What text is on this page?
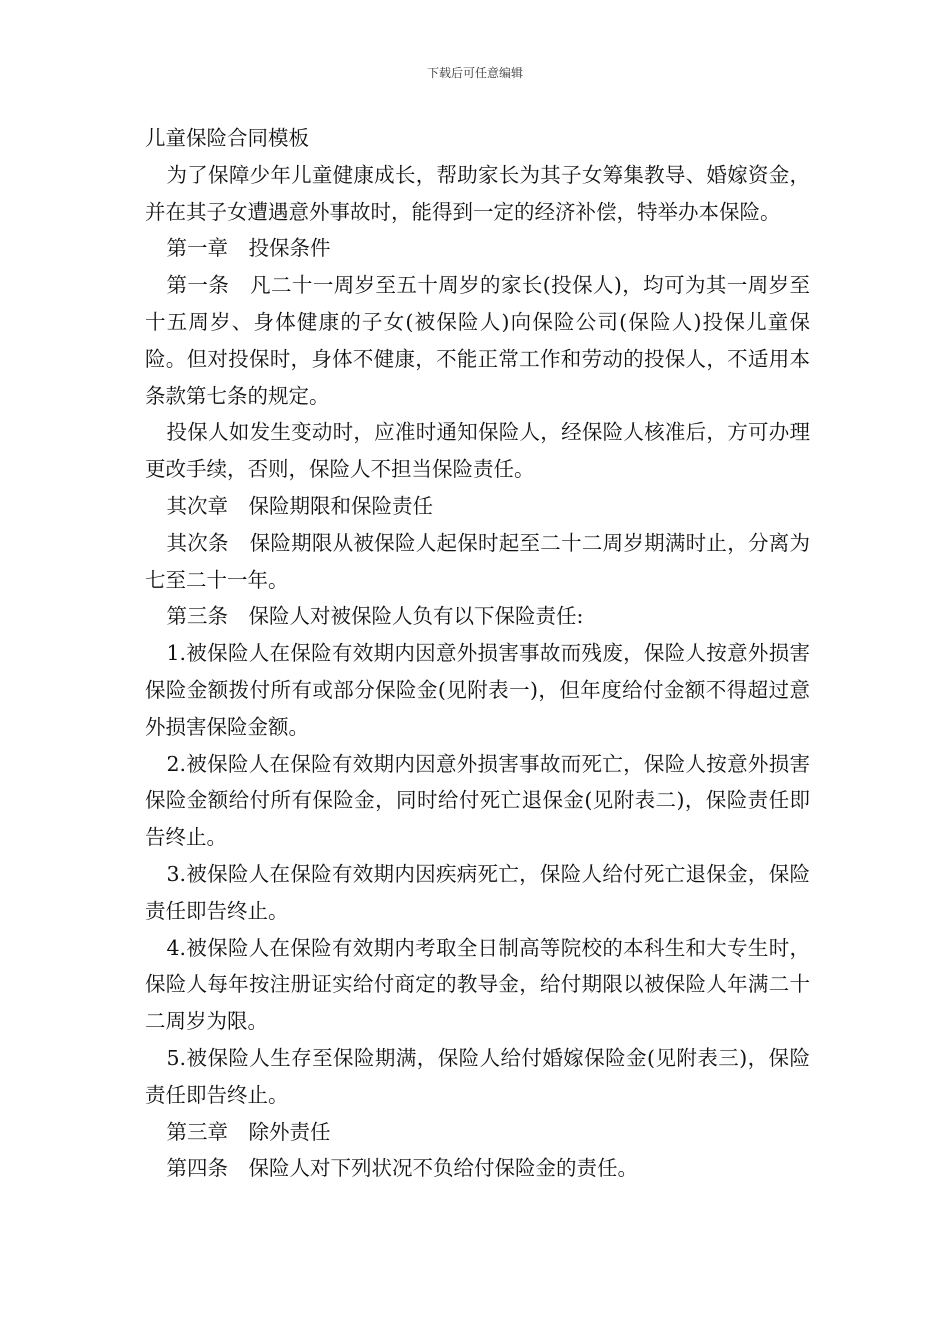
下载后可任意编辑

儿童保险合同模板

为了保障少年儿童健康成长，帮助家长为其子女筹集教导、婚嫁资金，并在其子女遭遇意外事故时，能得到一定的经济补偿，特举办本保险。

第一章　投保条件

第一条　凡二十一周岁至五十周岁的家长(投保人)，均可为其一周岁至十五周岁、身体健康的子女(被保险人)向保险公司(保险人)投保儿童保险。但对投保时，身体不健康，不能正常工作和劳动的投保人，不适用本条款第七条的规定。

投保人如发生变动时，应准时通知保险人，经保险人核准后，方可办理更改手续，否则，保险人不担当保险责任。

其次章　保险期限和保险责任

其次条　保险期限从被保险人起保时起至二十二周岁期满时止，分离为七至二十一年。

第三条　保险人对被保险人负有以下保险责任:

1.被保险人在保险有效期内因意外损害事故而残废，保险人按意外损害保险金额拨付所有或部分保险金(见附表一)，但年度给付金额不得超过意外损害保险金额。

2.被保险人在保险有效期内因意外损害事故而死亡，保险人按意外损害保险金额给付所有保险金，同时给付死亡退保金(见附表二)，保险责任即告终止。

3.被保险人在保险有效期内因疾病死亡，保险人给付死亡退保金，保险责任即告终止。

4.被保险人在保险有效期内考取全日制高等院校的本科生和大专生时，保险人每年按注册证实给付商定的教导金，给付期限以被保险人年满二十二周岁为限。

5.被保险人生存至保险期满，保险人给付婚嫁保险金(见附表三)，保险责任即告终止。

第三章　除外责任

第四条　保险人对下列状况不负给付保险金的责任。
